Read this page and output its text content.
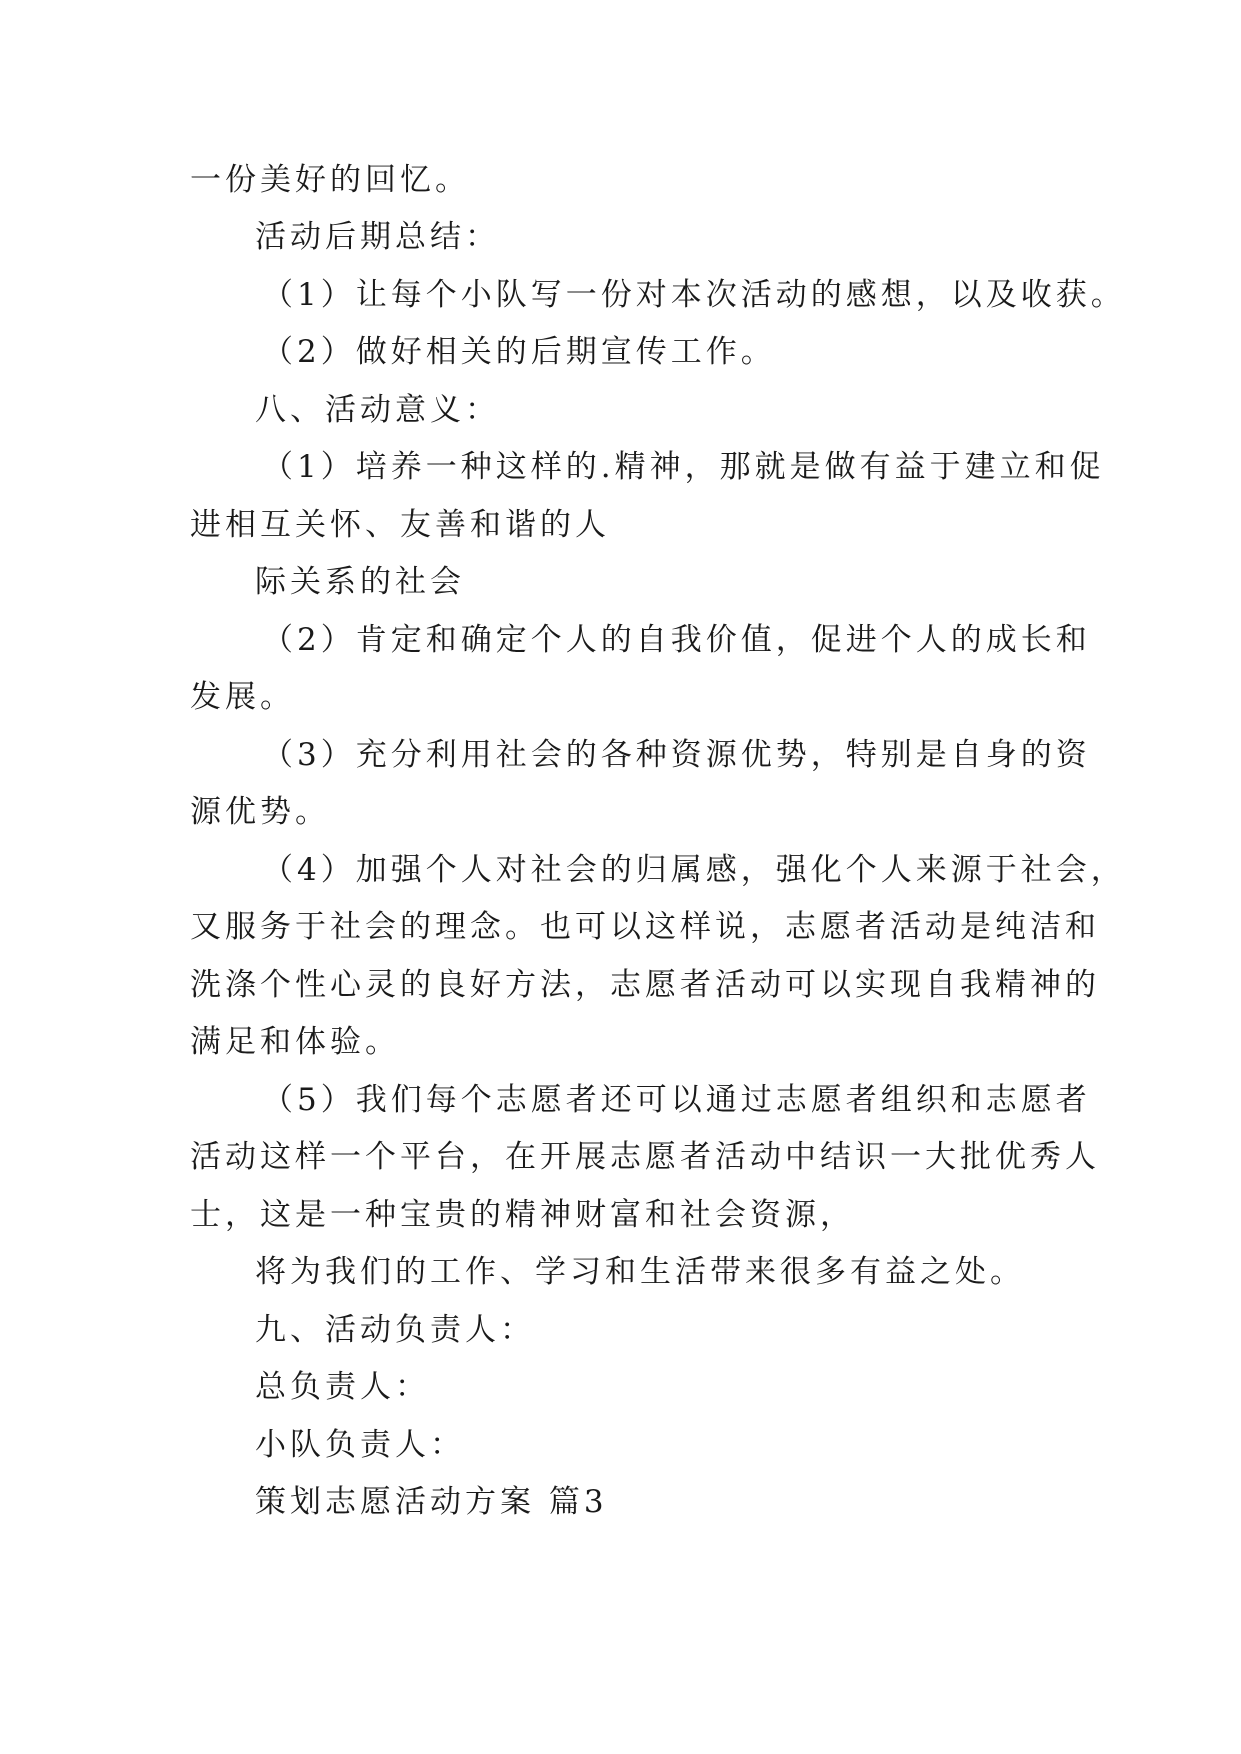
一份美好的回忆。
活动后期总结：
（1）让每个小队写一份对本次活动的感想，以及收获。
（2）做好相关的后期宣传工作。
八、活动意义：
（1）培养一种这样的.精神，那就是做有益于建立和促
进相互关怀、友善和谐的人
际关系的社会
（2）肯定和确定个人的自我价值，促进个人的成长和
发展。
（3）充分利用社会的各种资源优势，特别是自身的资
源优势。
（4）加强个人对社会的归属感，强化个人来源于社会，
又服务于社会的理念。也可以这样说，志愿者活动是纯洁和
洗涤个性心灵的良好方法，志愿者活动可以实现自我精神的
满足和体验。
（5）我们每个志愿者还可以通过志愿者组织和志愿者
活动这样一个平台，在开展志愿者活动中结识一大批优秀人
士，这是一种宝贵的精神财富和社会资源，
将为我们的工作、学习和生活带来很多有益之处。
九、活动负责人：
总负责人：
小队负责人：
策划志愿活动方案 篇3
